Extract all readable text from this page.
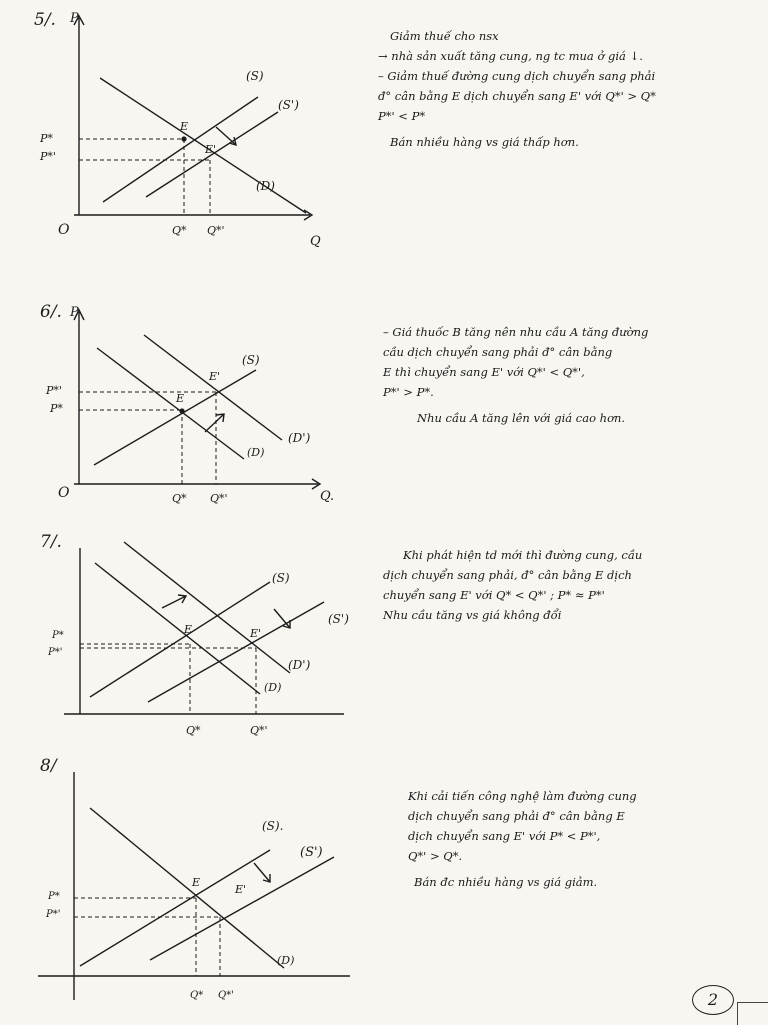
5/. P
Q
O
(S)
(S')
(D)
E
E'
P*
P*'
Q* Q*'
Giảm thuế cho nsx
→ nhà sản xuất tăng cung, ng tc mua ở giá ↓.
– Giảm thuế đường cung dịch chuyển sang phải
đ° cân bằng E dịch chuyển sang E' với Q*' > Q*
P*' < P*
Bán nhiều hàng vs giá thấp hơn.
6/. P
Q.
O
(S)
(D)
(D')
E
E'
P*'
P*
Q* Q*'
– Giá thuốc B tăng nên nhu cầu A tăng đường
cầu dịch chuyển sang phải đ° cân bằng
E thì chuyển sang E' với Q*' < Q*',
P*' > P*.
Nhu cầu A tăng lên với giá cao hơn.
7/.
(S)
(S')
(D)
(D')
E	E'
P*
P*'
Q*	Q*'
Khi phát hiện td mới thì đường cung, cầu
dịch chuyển sang phải, đ° cân bằng E dịch
chuyển sang E' với Q* < Q*' ; P* ≈ P*'
Nhu cầu tăng vs giá không đổi
8/
(S).
(S')
(D)
E
E'
P*
P*'
Q* Q*'
Khi cải tiến công nghệ làm đường cung
dịch chuyển sang phải đ° cân bằng E
dịch chuyển sang E' với P* < P*',
Q*' > Q*.
Bán đc nhiều hàng vs giá giảm.
2
